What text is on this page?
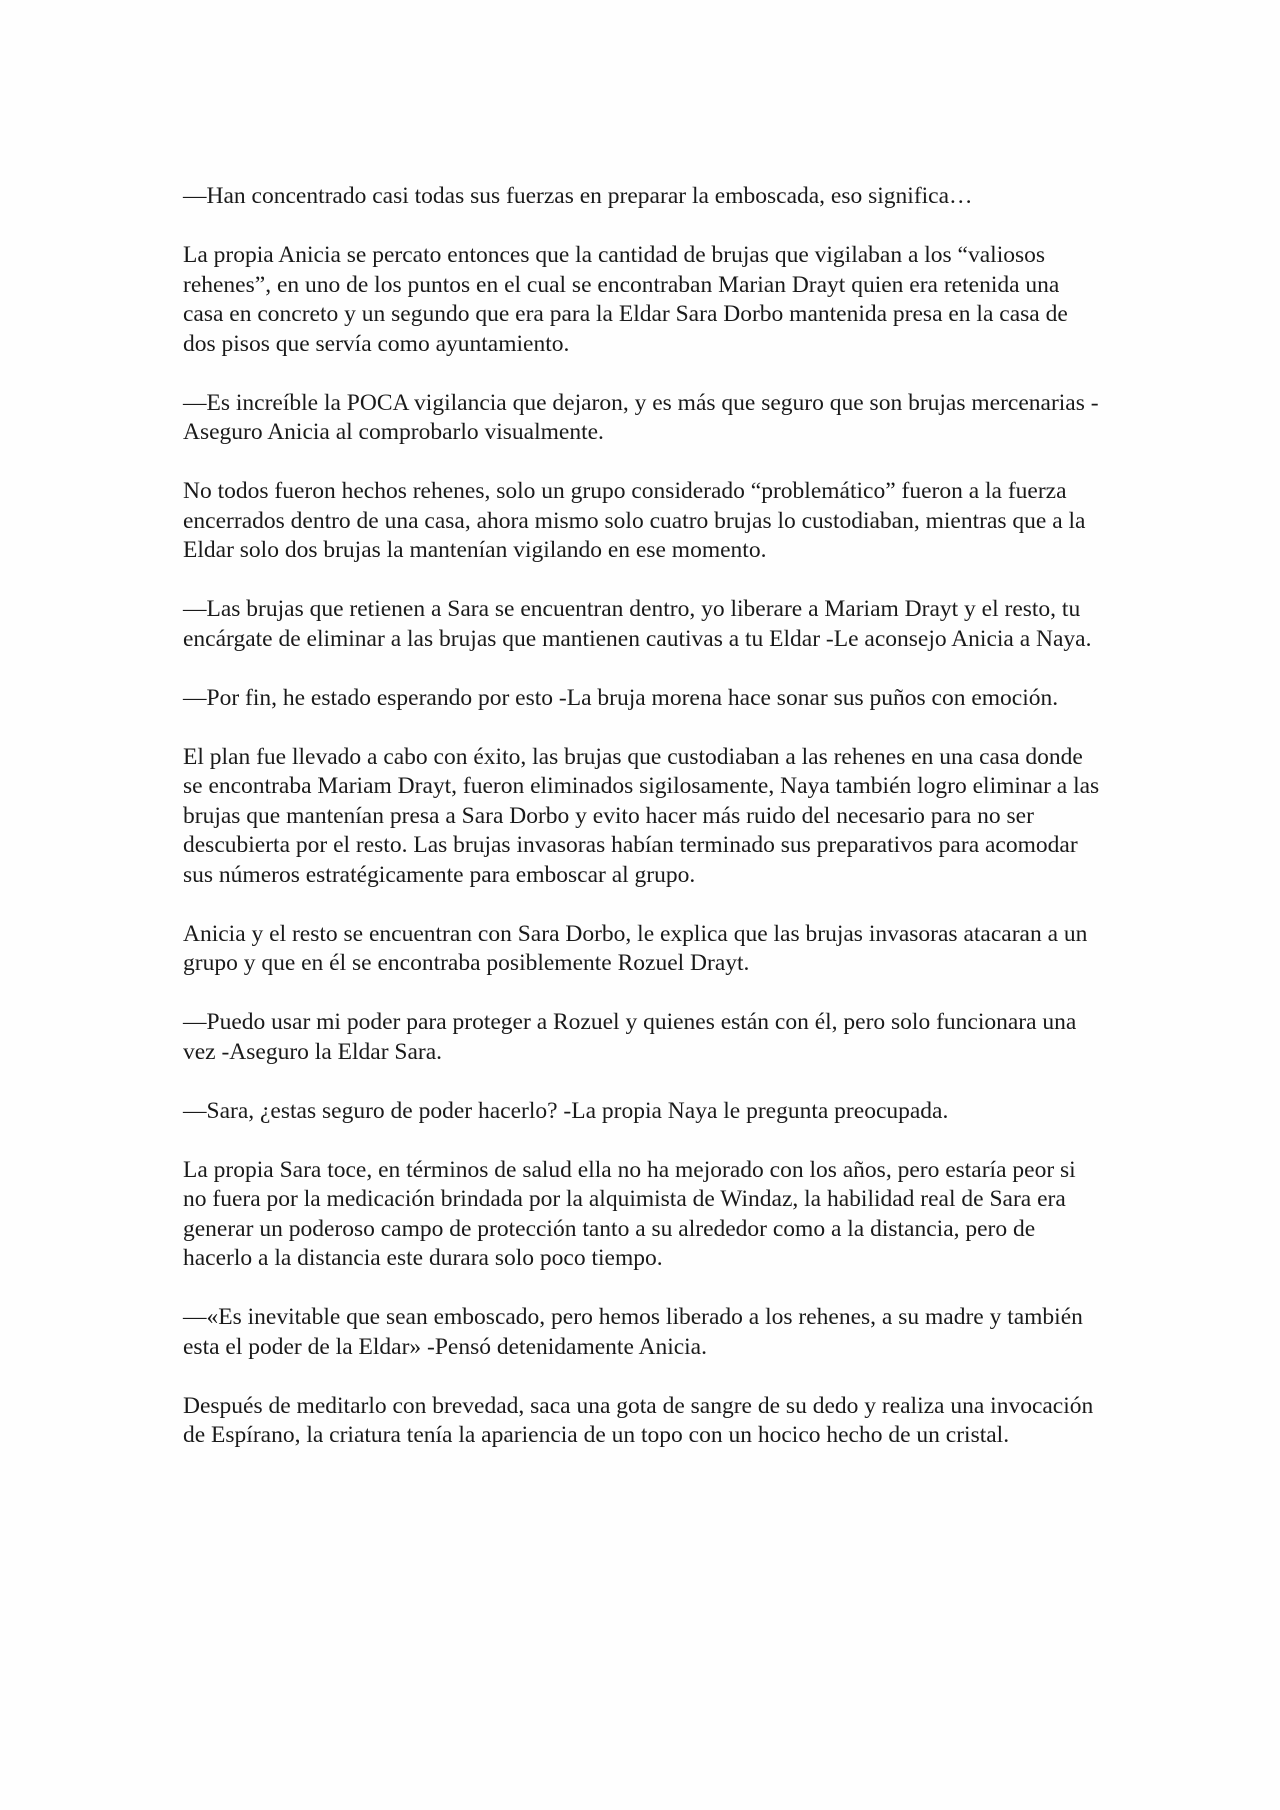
—Han concentrado casi todas sus fuerzas en preparar la emboscada, eso significa…

La propia Anicia se percato entonces que la cantidad de brujas que vigilaban a los “valiosos rehenes”, en uno de los puntos en el cual se encontraban Marian Drayt quien era retenida una casa en concreto y un segundo que era para la Eldar Sara Dorbo mantenida presa en la casa de dos pisos que servía como ayuntamiento.

—Es increíble la POCA vigilancia que dejaron, y es más que seguro que son brujas mercenarias -Aseguro Anicia al comprobarlo visualmente.

No todos fueron hechos rehenes, solo un grupo considerado “problemático” fueron a la fuerza encerrados dentro de una casa, ahora mismo solo cuatro brujas lo custodiaban, mientras que a la Eldar solo dos brujas la mantenían vigilando en ese momento.

—Las brujas que retienen a Sara se encuentran dentro, yo liberare a Mariam Drayt y el resto, tu encárgate de eliminar a las brujas que mantienen cautivas a tu Eldar -Le aconsejo Anicia a Naya.

—Por fin, he estado esperando por esto -La bruja morena hace sonar sus puños con emoción.

El plan fue llevado a cabo con éxito, las brujas que custodiaban a las rehenes en una casa donde se encontraba Mariam Drayt, fueron eliminados sigilosamente, Naya también logro eliminar a las brujas que mantenían presa a Sara Dorbo y evito hacer más ruido del necesario para no ser descubierta por el resto. Las brujas invasoras habían terminado sus preparativos para acomodar sus números estratégicamente para emboscar al grupo.

Anicia y el resto se encuentran con Sara Dorbo, le explica que las brujas invasoras atacaran a un grupo y que en él se encontraba posiblemente Rozuel Drayt.

—Puedo usar mi poder para proteger a Rozuel y quienes están con él, pero solo funcionara una vez -Aseguro la Eldar Sara.

—Sara, ¿estas seguro de poder hacerlo? -La propia Naya le pregunta preocupada.

La propia Sara toce, en términos de salud ella no ha mejorado con los años, pero estaría peor si no fuera por la medicación brindada por la alquimista de Windaz, la habilidad real de Sara era generar un poderoso campo de protección tanto a su alrededor como a la distancia, pero de hacerlo a la distancia este durara solo poco tiempo.

—«Es inevitable que sean emboscado, pero hemos liberado a los rehenes, a su madre y también esta el poder de la Eldar» -Pensó detenidamente Anicia.

Después de meditarlo con brevedad, saca una gota de sangre de su dedo y realiza una invocación de Espírano, la criatura tenía la apariencia de un topo con un hocico hecho de un cristal.
